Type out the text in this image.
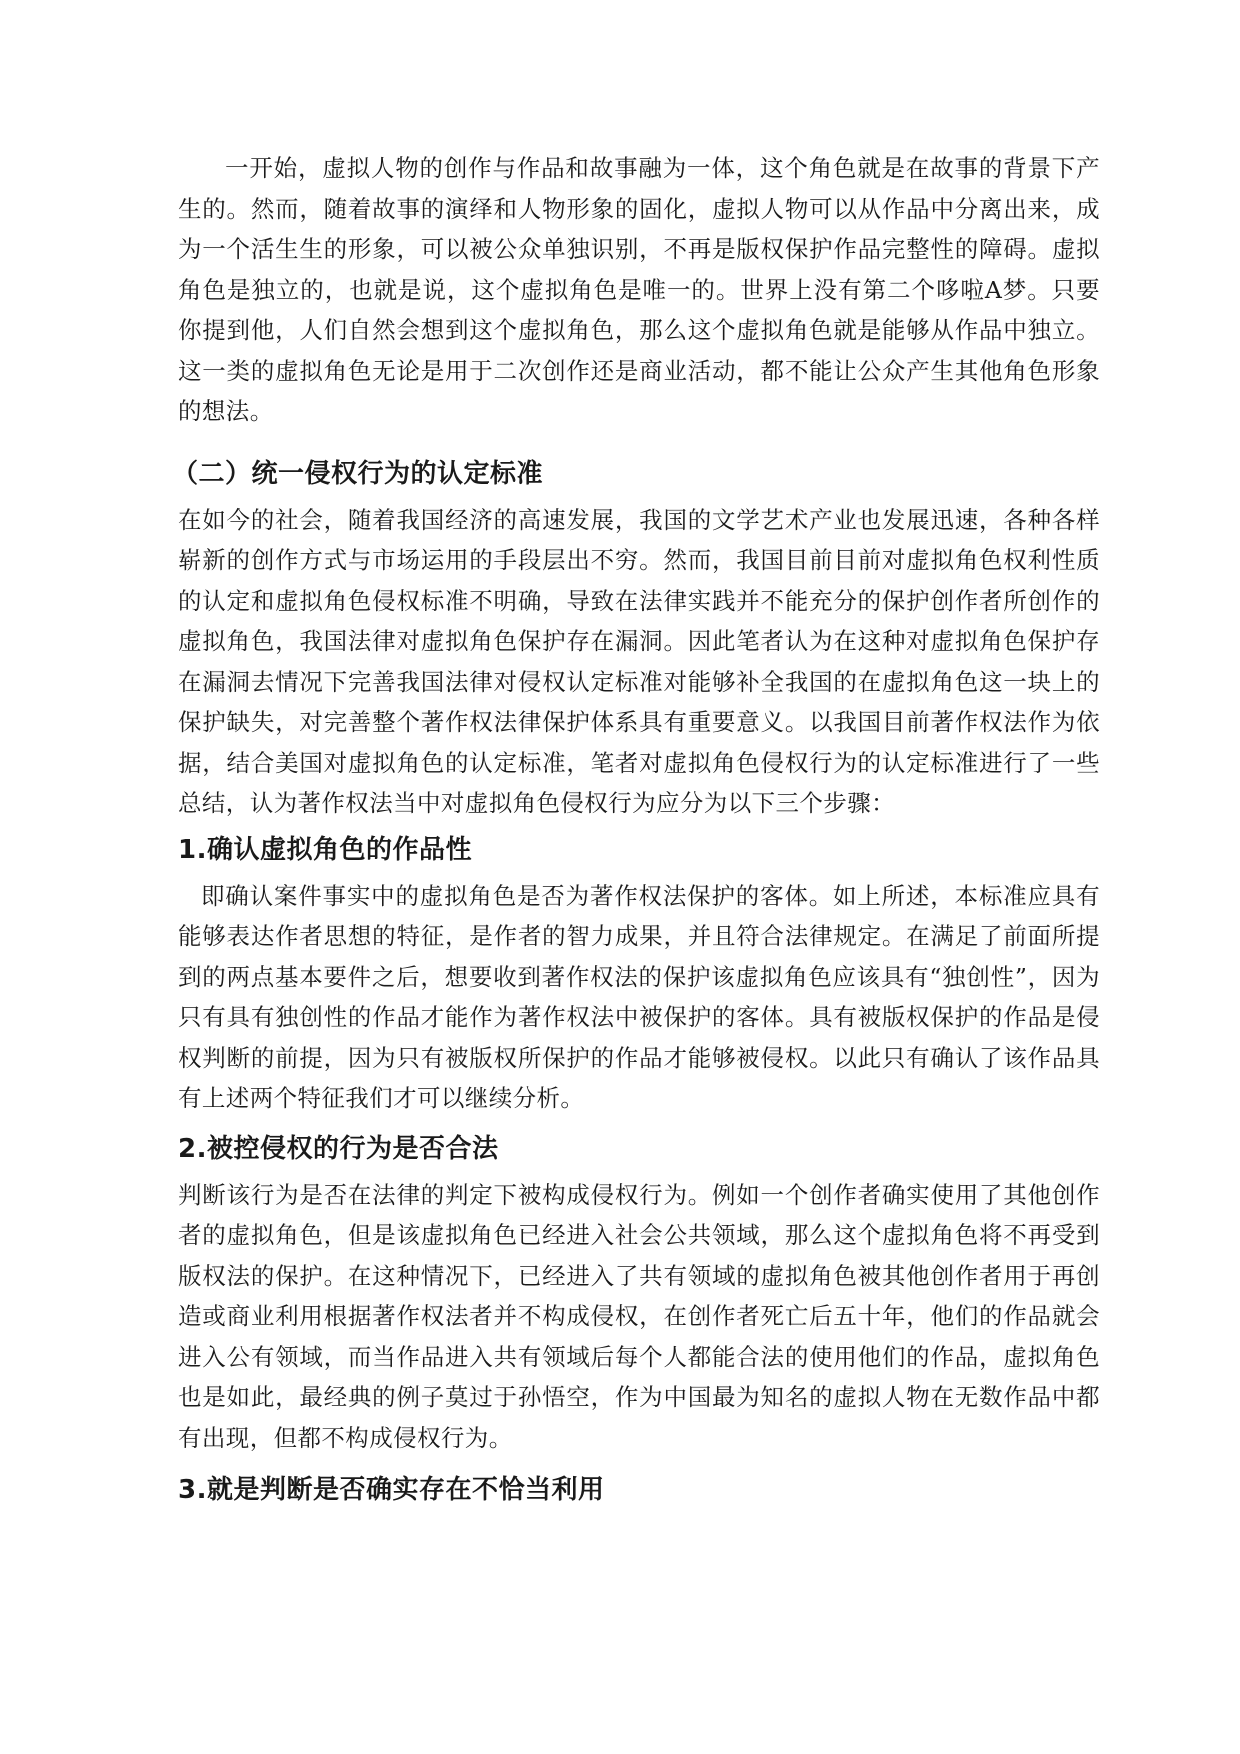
一开始，虚拟人物的创作与作品和故事融为一体，这个角色就是在故事的背景下产生的。然而，随着故事的演绎和人物形象的固化，虚拟人物可以从作品中分离出来，成为一个活生生的形象，可以被公众单独识别，不再是版权保护作品完整性的障碍。虚拟角色是独立的，也就是说，这个虚拟角色是唯一的。世界上没有第二个哆啦A梦。只要你提到他，人们自然会想到这个虚拟角色，那么这个虚拟角色就是能够从作品中独立。这一类的虚拟角色无论是用于二次创作还是商业活动，都不能让公众产生其他角色形象的想法。

（二）统一侵权行为的认定标准

在如今的社会，随着我国经济的高速发展，我国的文学艺术产业也发展迅速，各种各样崭新的创作方式与市场运用的手段层出不穷。然而，我国目前目前对虚拟角色权利性质的认定和虚拟角色侵权标准不明确，导致在法律实践并不能充分的保护创作者所创作的虚拟角色，我国法律对虚拟角色保护存在漏洞。因此笔者认为在这种对虚拟角色保护存在漏洞去情况下完善我国法律对侵权认定标准对能够补全我国的在虚拟角色这一块上的保护缺失，对完善整个著作权法律保护体系具有重要意义。以我国目前著作权法作为依据，结合美国对虚拟角色的认定标准，笔者对虚拟角色侵权行为的认定标准进行了一些总结，认为著作权法当中对虚拟角色侵权行为应分为以下三个步骤：

1.确认虚拟角色的作品性

即确认案件事实中的虚拟角色是否为著作权法保护的客体。如上所述，本标准应具有能够表达作者思想的特征，是作者的智力成果，并且符合法律规定。在满足了前面所提到的两点基本要件之后，想要收到著作权法的保护该虚拟角色应该具有“独创性”，因为只有具有独创性的作品才能作为著作权法中被保护的客体。具有被版权保护的作品是侵权判断的前提，因为只有被版权所保护的作品才能够被侵权。以此只有确认了该作品具有上述两个特征我们才可以继续分析。

2.被控侵权的行为是否合法

判断该行为是否在法律的判定下被构成侵权行为。例如一个创作者确实使用了其他创作者的虚拟角色，但是该虚拟角色已经进入社会公共领域，那么这个虚拟角色将不再受到版权法的保护。在这种情况下，已经进入了共有领域的虚拟角色被其他创作者用于再创造或商业利用根据著作权法者并不构成侵权，在创作者死亡后五十年，他们的作品就会进入公有领域，而当作品进入共有领域后每个人都能合法的使用他们的作品，虚拟角色也是如此，最经典的例子莫过于孙悟空，作为中国最为知名的虚拟人物在无数作品中都有出现，但都不构成侵权行为。

3.就是判断是否确实存在不恰当利用
